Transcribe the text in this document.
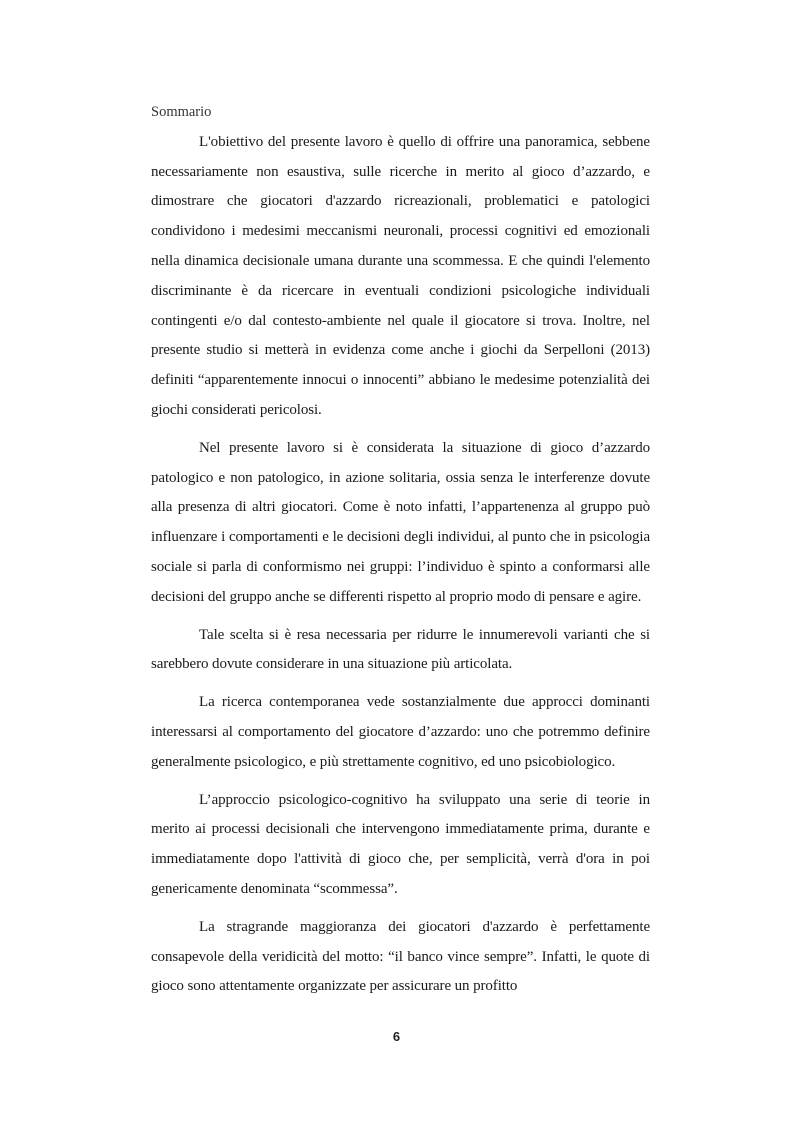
Sommario

L'obiettivo del presente lavoro è quello di offrire una panoramica, sebbene necessariamente non esaustiva, sulle ricerche in merito al gioco d’azzardo, e dimostrare che giocatori d'azzardo ricreazionali, problematici e patologici condividono i medesimi meccanismi neuronali, processi cognitivi ed emozionali nella dinamica decisionale umana durante una scommessa. E che quindi l'elemento discriminante è da ricercare in eventuali condizioni psicologiche individuali contingenti e/o dal contesto-ambiente nel quale il giocatore si trova. Inoltre, nel presente studio si metterà in evidenza come anche i giochi da Serpelloni (2013) definiti “apparentemente innocui o innocenti” abbiano le medesime potenzialità dei giochi considerati pericolosi.

Nel presente lavoro si è considerata la situazione di gioco d’azzardo patologico e non patologico, in azione solitaria, ossia senza le interferenze dovute alla presenza di altri giocatori. Come è noto infatti, l’appartenenza al gruppo può influenzare i comportamenti e le decisioni degli individui, al punto che in psicologia sociale si parla di conformismo nei gruppi: l’individuo è spinto a conformarsi alle decisioni del gruppo anche se differenti rispetto al proprio modo di pensare e agire.

Tale scelta si è resa necessaria per ridurre le innumerevoli varianti che si sarebbero dovute considerare in una situazione più articolata.

La ricerca contemporanea vede sostanzialmente due approcci dominanti interessarsi al comportamento del giocatore d’azzardo: uno che potremmo definire generalmente psicologico, e più strettamente cognitivo, ed uno psicobiologico.

L’approccio psicologico-cognitivo ha sviluppato una serie di teorie in merito ai processi decisionali che intervengono immediatamente prima, durante e immediatamente dopo l'attività di gioco che, per semplicità, verrà d'ora in poi genericamente denominata “scommessa”.

La stragrande maggioranza dei giocatori d'azzardo è perfettamente consapevole della veridicità del motto: “il banco vince sempre”. Infatti, le quote di gioco sono attentamente organizzate per assicurare un profitto

6
